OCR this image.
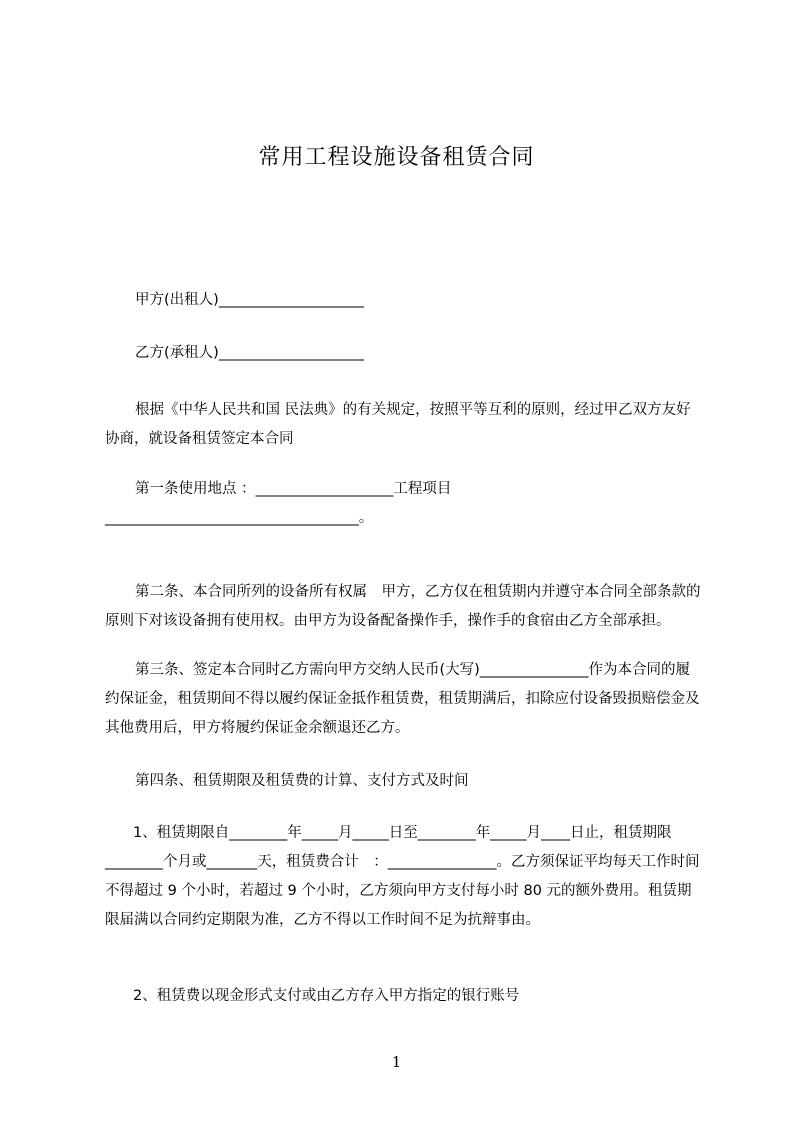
常用工程设施设备租赁合同

甲方(出租人)____________________

乙方(承租人)____________________

根据《中华人民共和国 民法典》的有关规定，按照平等互利的原则，经过甲乙双方友好协商，就设备租赁签定本合同

第一条使用地点 ：___________________工程项目___________________________________。

第二条、本合同所列的设备所有权属　甲方，乙方仅在租赁期内并遵守本合同全部条款的原则下对该设备拥有使用权。由甲方为设备配备操作手，操作手的食宿由乙方全部承担。

第三条、签定本合同时乙方需向甲方交纳人民币(大写)_______________作为本合同的履约保证金，租赁期间不得以履约保证金抵作租赁费，租赁期满后，扣除应付设备毁损赔偿金及其他费用后，甲方将履约保证金余额退还乙方。

第四条、租赁期限及租赁费的计算、支付方式及时间

1、租赁期限自________年_____月_____日至________年_____月____日止，租赁期限________个月或_______天，租赁费合计　：_______________。乙方须保证平均每天工作时间不得超过 9 个小时，若超过 9 个小时，乙方须向甲方支付每小时 80 元的额外费用。租赁期限届满以合同约定期限为准，乙方不得以工作时间不足为抗辩事由。

2、租赁费以现金形式支付或由乙方存入甲方指定的银行账号

1
